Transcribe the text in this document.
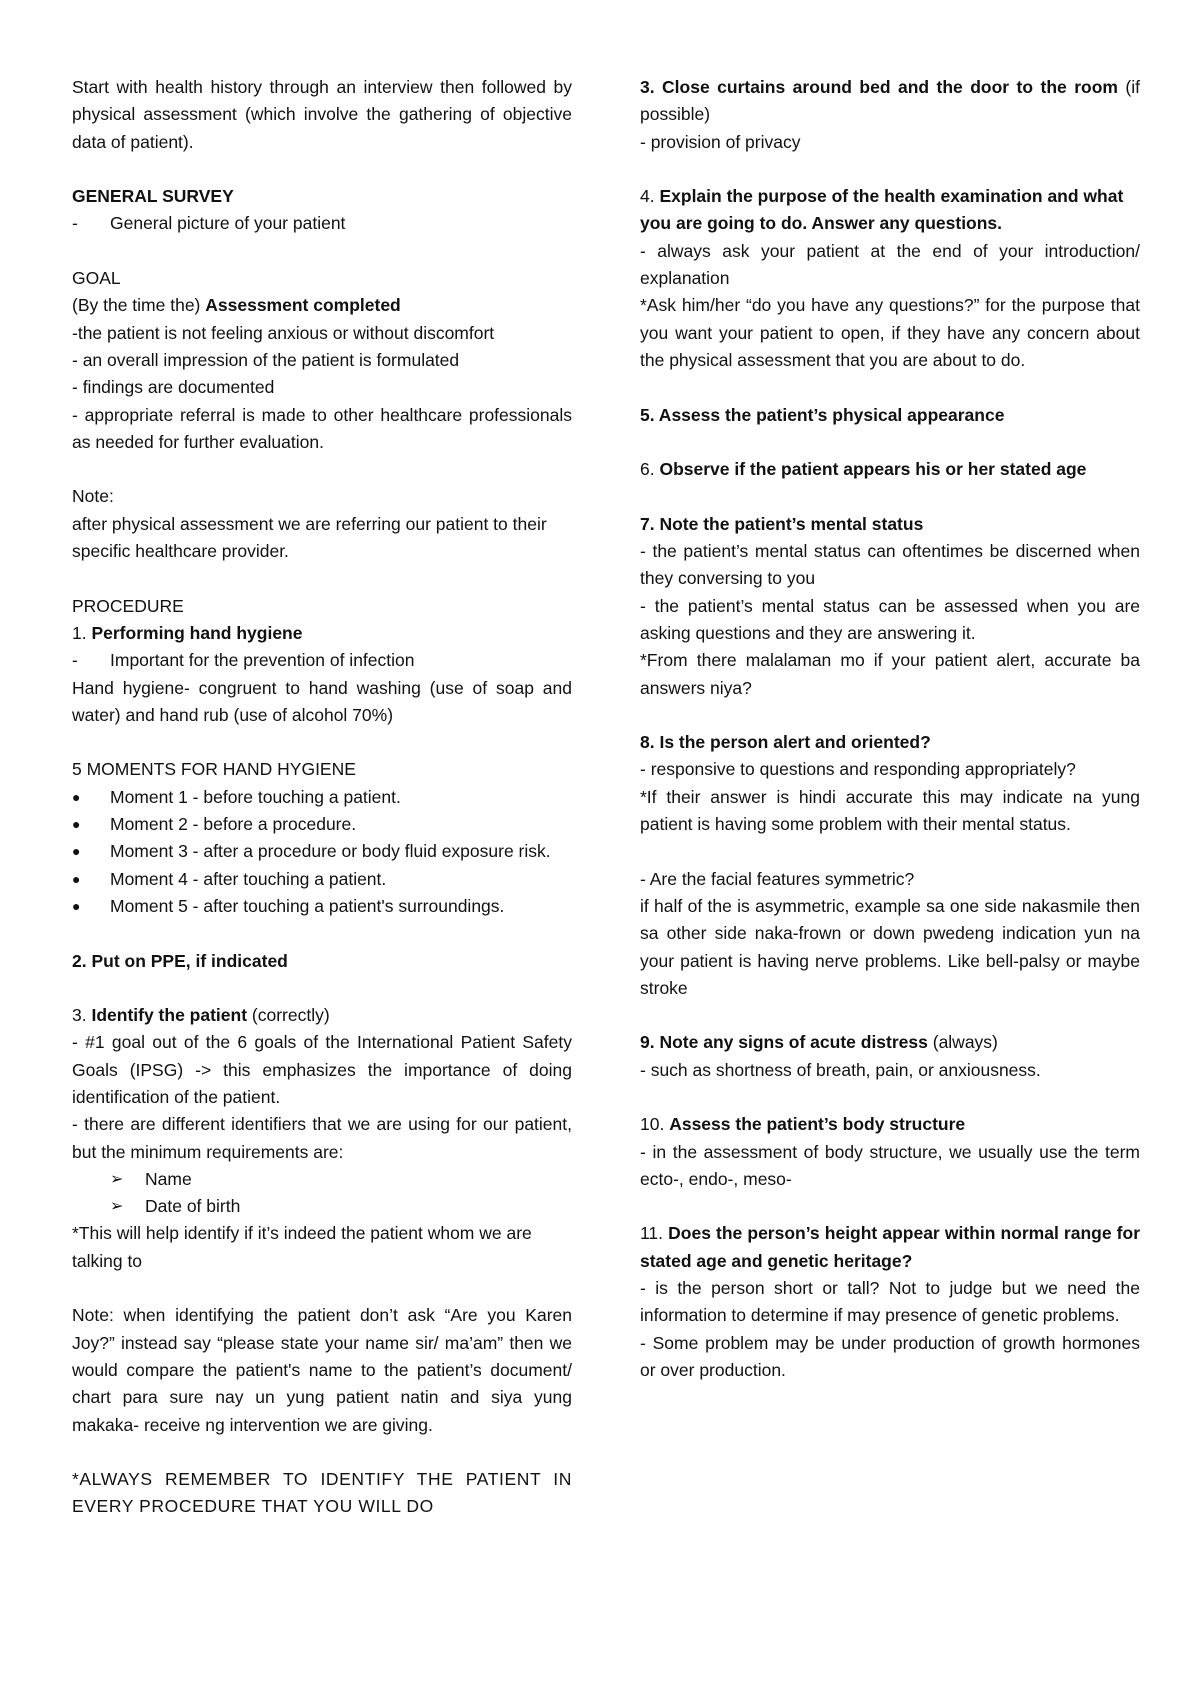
Start with health history through an interview then followed by physical assessment (which involve the gathering of objective data of patient).

GENERAL SURVEY

-	General picture of your patient

GOAL

(By the time the) Assessment completed

-the patient is not feeling anxious or without discomfort

- an overall impression of the patient is formulated

- findings are documented

- appropriate referral is made to other healthcare professionals as needed for further evaluation.

Note:

after physical assessment we are referring our patient to their specific healthcare provider.

PROCEDURE

1. Performing hand hygiene

-	Important for the prevention of infection

Hand hygiene- congruent to hand washing (use of soap and water) and hand rub (use of alcohol 70%)

5 MOMENTS FOR HAND HYGIENE

●	Moment 1 - before touching a patient.
●	Moment 2 - before a procedure.
●	Moment 3 - after a procedure or body fluid exposure risk.
●	Moment 4 - after touching a patient.
●	Moment 5 - after touching a patient's surroundings.

2. Put on PPE, if indicated

3. Identify the patient (correctly)

- #1 goal out of the 6 goals of the International Patient Safety Goals (IPSG) -> this emphasizes the importance of doing identification of the patient.

- there are different identifiers that we are using for our patient, but the minimum requirements are:

➢	Name
➢	Date of birth

*This will help identify if it’s indeed the patient whom we are talking to

Note: when identifying the patient don’t ask “Are you Karen Joy?” instead say “please state your name sir/ ma’am” then we would compare the patient's name to the patient’s document/ chart para sure nay un yung patient natin and siya yung makaka- receive ng intervention we are giving.

*ALWAYS REMEMBER TO IDENTIFY THE PATIENT IN EVERY PROCEDURE THAT YOU WILL DO

3. Close curtains around bed and the door to the room (if possible)

- provision of privacy

4. Explain the purpose of the health examination and what you are going to do. Answer any questions.

- always ask your patient at the end of your introduction/ explanation

*Ask him/her “do you have any questions?” for the purpose that you want your patient to open, if they have any concern about the physical assessment that you are about to do.

5. Assess the patient’s physical appearance

6. Observe if the patient appears his or her stated age

7. Note the patient’s mental status

- the patient’s mental status can oftentimes be discerned when they conversing to you

- the patient’s mental status can be assessed when you are asking questions and they are answering it.

*From there malalaman mo if your patient alert, accurate ba answers niya?

8. Is the person alert and oriented?

- responsive to questions and responding appropriately?

*If their answer is hindi accurate this may indicate na yung patient is having some problem with their mental status.

- Are the facial features symmetric?

if half of the is asymmetric, example sa one side nakasmile then sa other side naka-frown or down pwedeng indication yun na your patient is having nerve problems. Like bell-palsy or maybe stroke

9. Note any signs of acute distress (always)

- such as shortness of breath, pain, or anxiousness.

10. Assess the patient’s body structure

- in the assessment of body structure, we usually use the term ecto-, endo-, meso-

11. Does the person’s height appear within normal range for stated age and genetic heritage?

- is the person short or tall? Not to judge but we need the information to determine if may presence of genetic problems.

- Some problem may be under production of growth hormones or over production.
